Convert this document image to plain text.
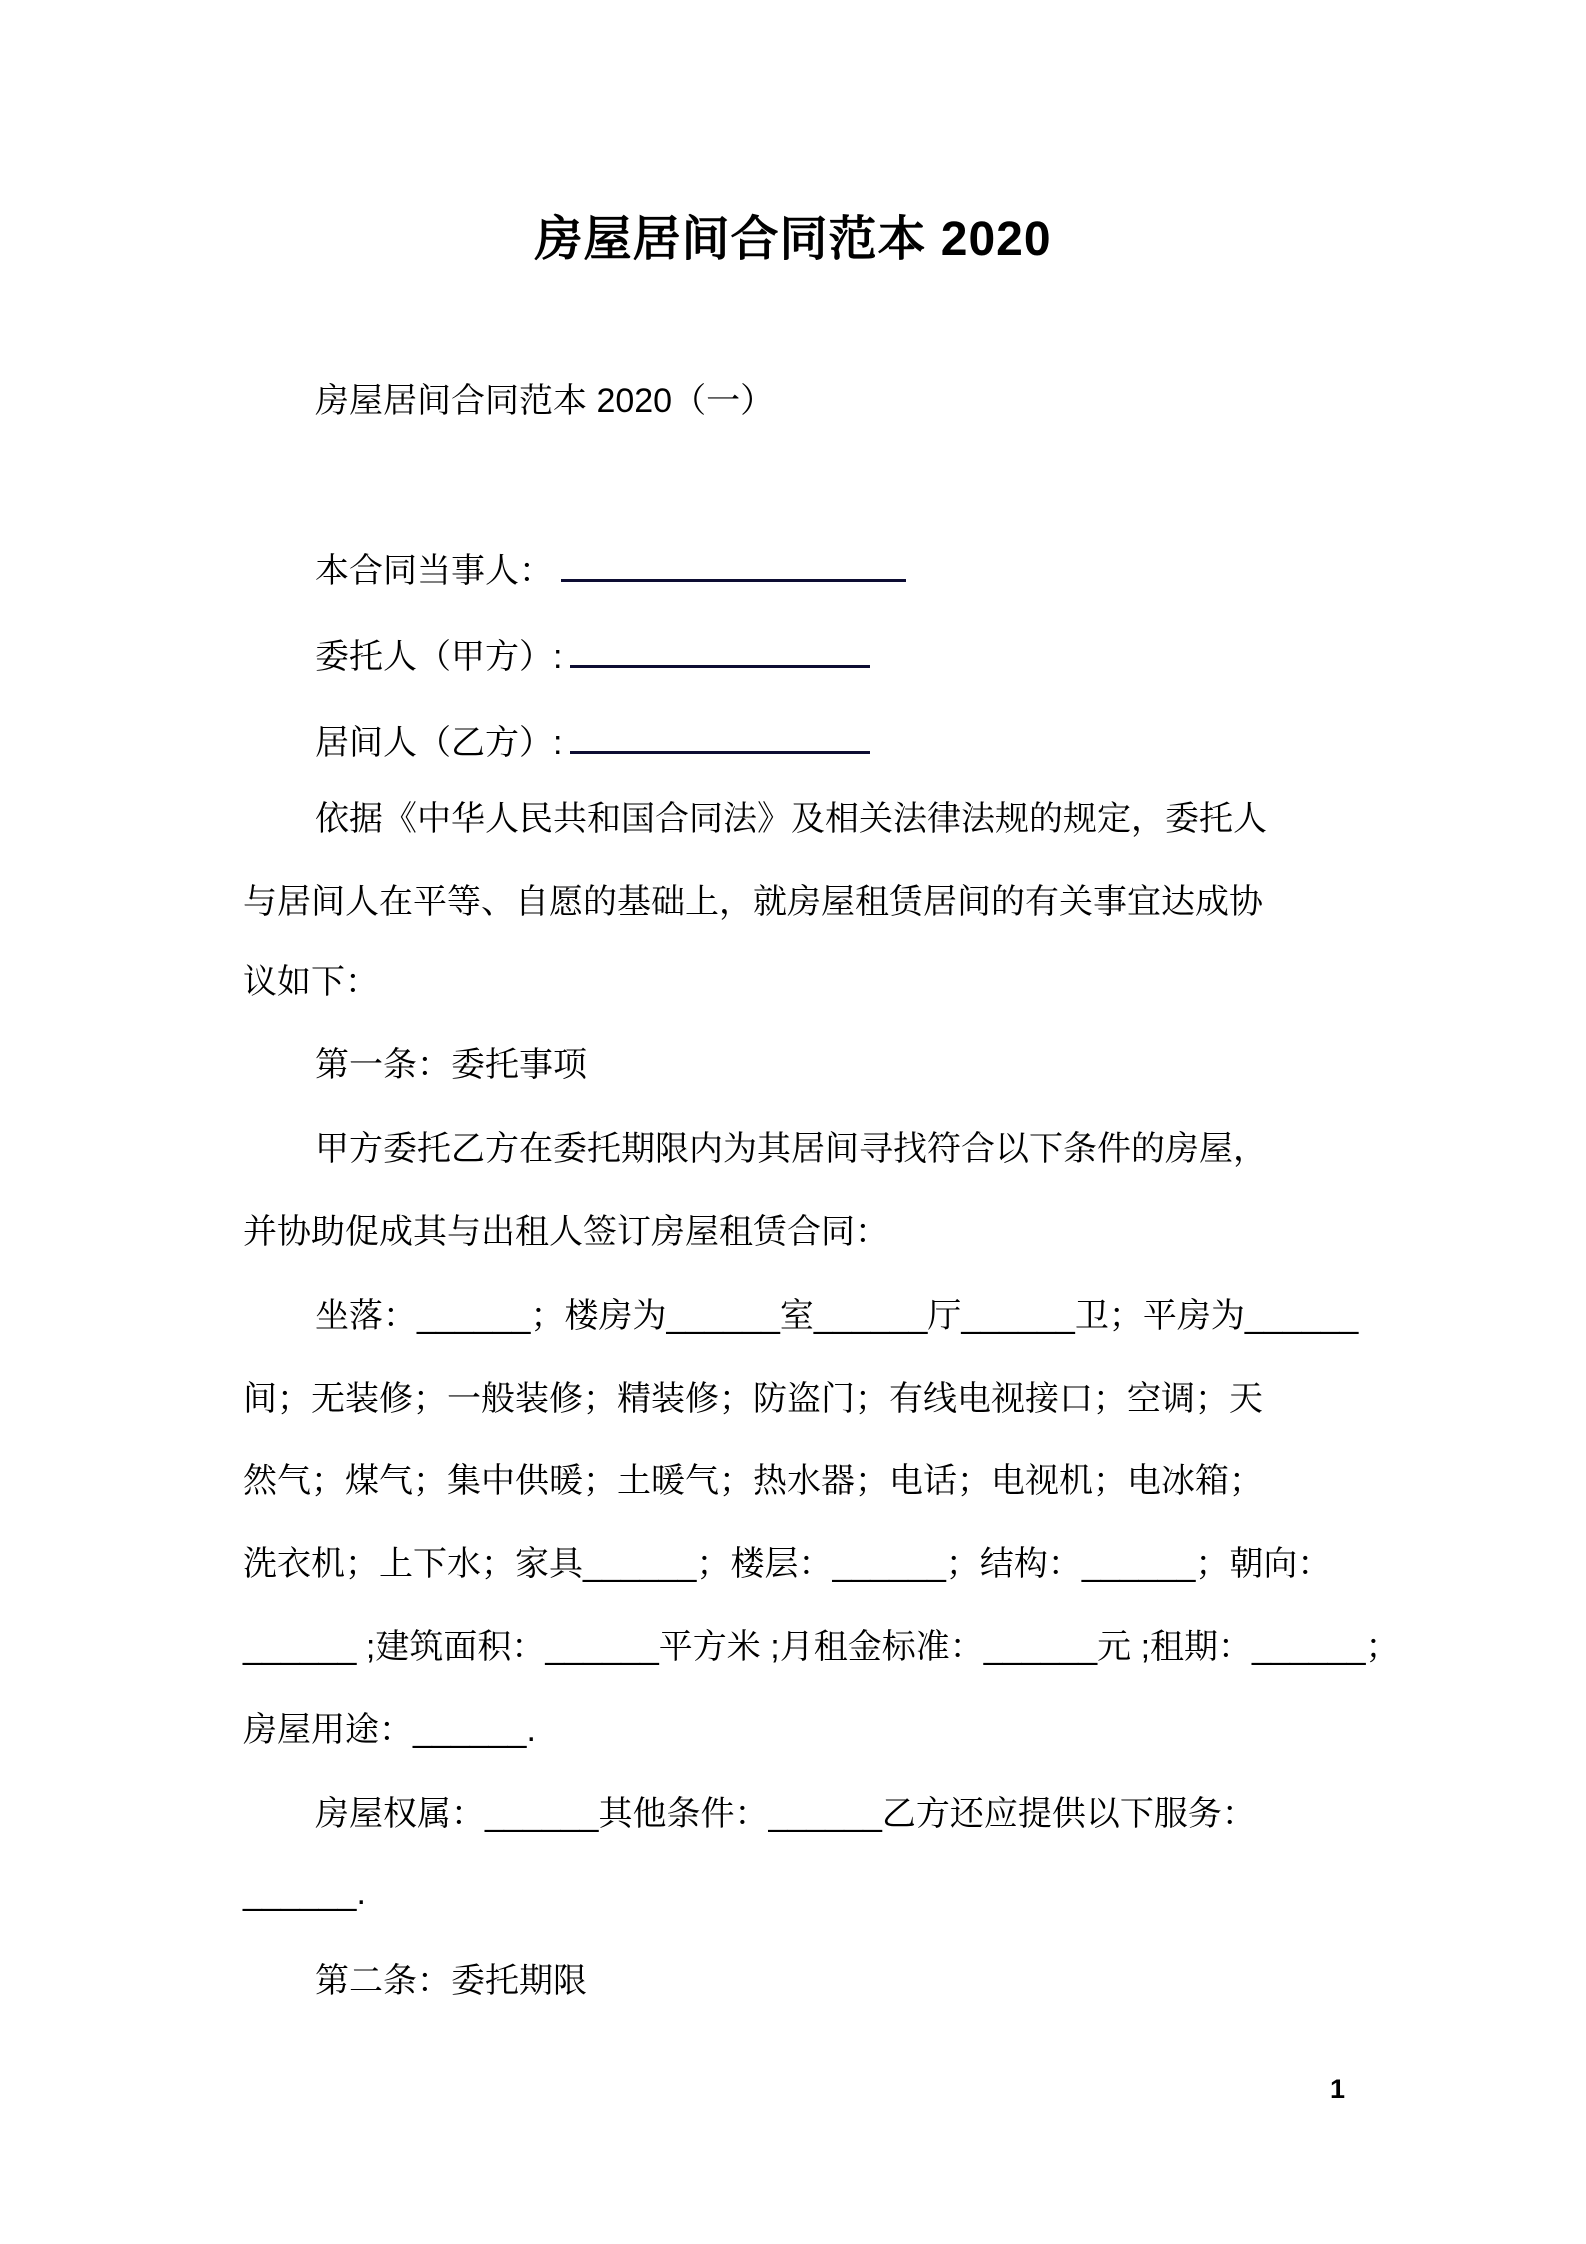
房屋居间合同范本 2020

房屋居间合同范本 2020（一）

本合同当事人：

委托人（甲方）:

居间人（乙方）:

依据《中华人民共和国合同法》及相关法律法规的规定，委托人

与居间人在平等、自愿的基础上，就房屋租赁居间的有关事宜达成协

议如下：

第一条：委托事项

甲方委托乙方在委托期限内为其居间寻找符合以下条件的房屋，

并协助促成其与出租人签订房屋租赁合同：

坐落：______；楼房为______室______厅______卫；平房为______

间；无装修；一般装修；精装修；防盗门；有线电视接口；空调；天

然气；煤气；集中供暖；土暖气；热水器；电话；电视机；电冰箱；

洗衣机；上下水；家具______；楼层：______；结构：______；朝向：

______ ;建筑面积：______平方米 ;月租金标准：______元 ;租期：______；

房屋用途：______.

房屋权属：______其他条件：______乙方还应提供以下服务：

______.

第二条：委托期限

1
